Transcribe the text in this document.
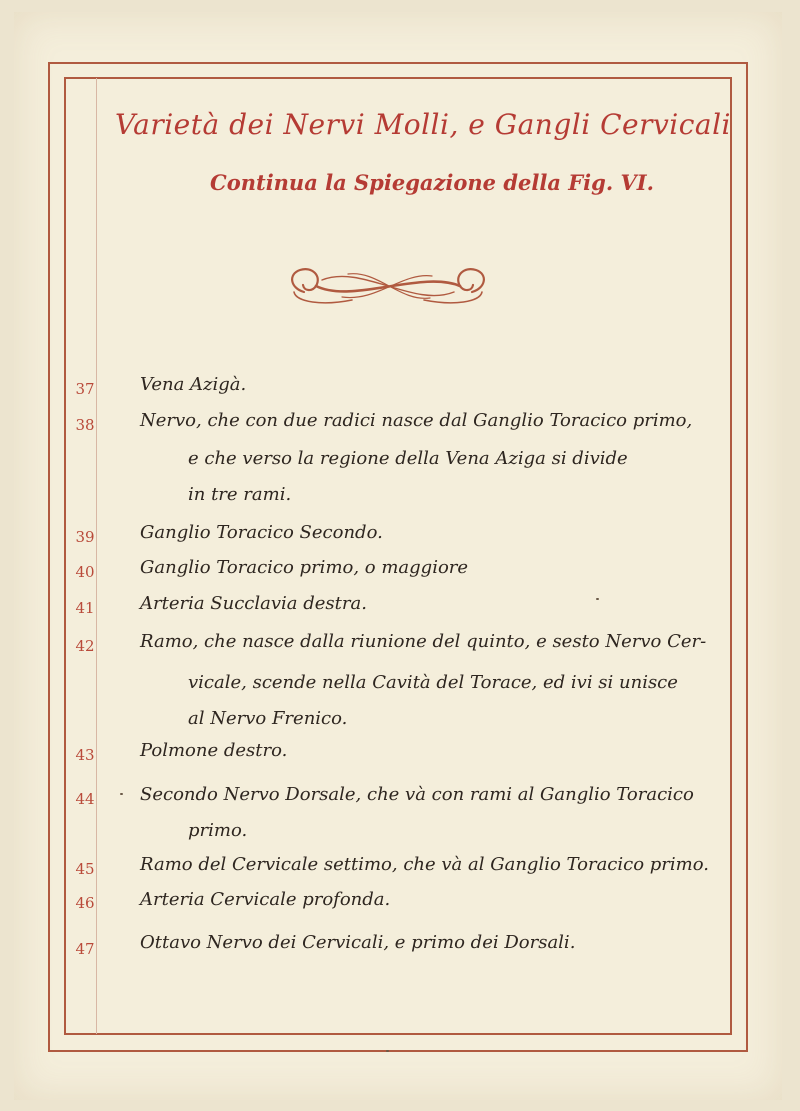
Varietà dei Nervi Molli, e Gangli Cervicali
Continua la Spiegazione della Fig. VI.
37	Vena Azigà.
38	Nervo, che con due radici nasce dal Ganglio Toracico primo,
e che verso la regione della Vena Aziga si divide
in tre rami.
39	Ganglio Toracico Secondo.
40	Ganglio Toracico primo, o maggiore
41	Arteria Succlavia destra.
42	Ramo, che nasce dalla riunione del quinto, e sesto Nervo Cer-
vicale, scende nella Cavità del Torace, ed ivi si unisce
al Nervo Frenico.
43	Polmone destro.
44	Secondo Nervo Dorsale, che và con rami al Ganglio Toracico
primo.
45	Ramo del Cervicale settimo, che và al Ganglio Toracico primo.
46	Arteria Cervicale profonda.
47	Ottavo Nervo dei Cervicali, e primo dei Dorsali.
